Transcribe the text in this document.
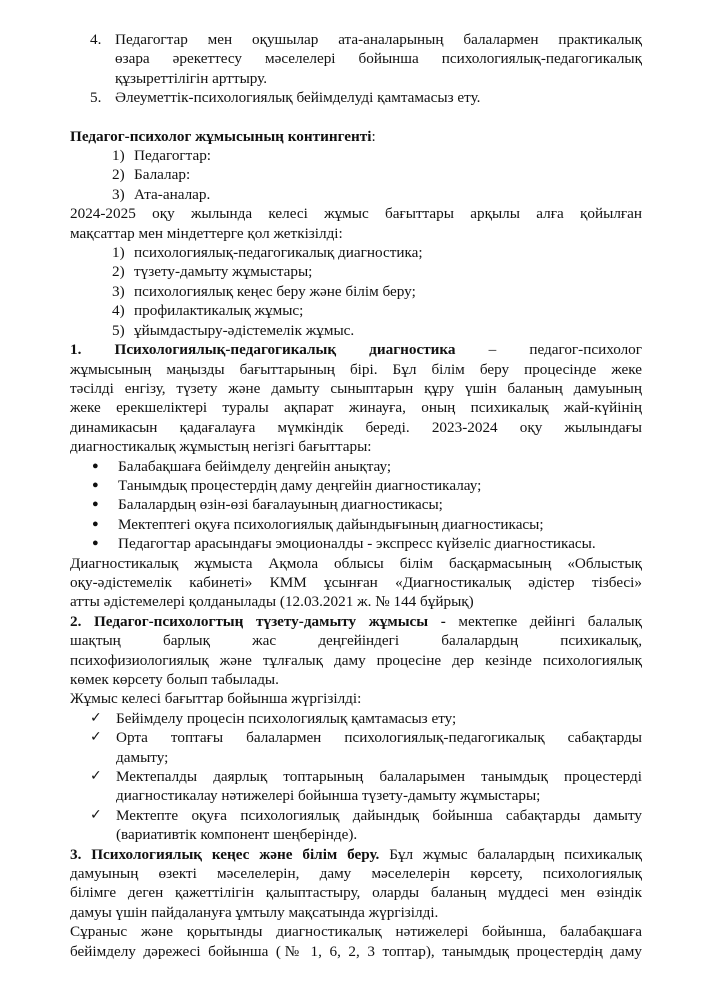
4. Педагогтар мен оқушылар ата-аналарының балалармен практикалық

өзара әрекеттесу мәселелері бойынша психологиялық-педагогикалық

құзыреттілігін арттыру.

5. Әлеуметтік-психологиялық бейімделуді қамтамасыз ету.

Педагог-психолог жұмысының контингенті:

1) Педагогтар:
2) Балалар:
3) Ата-аналар.

2024-2025 оқу жылында келесі жұмыс бағыттары арқылы алға қойылған

мақсаттар мен міндеттерге қол жеткізілді:

1) психологиялық-педагогикалық диагностика;
2) түзету-дамыту жұмыстары;
3) психологиялық кеңес беру және білім беру;
4) профилактикалық жұмыс;
5) ұйымдастыру-әдістемелік жұмыс.

1. Психологиялық-педагогикалық диагностика – педагог-психолог

жұмысының маңызды бағыттарының бірі. Бұл білім беру процесінде жеке

тәсілді енгізу, түзету және дамыту сыныптарын құру үшін баланың дамуының

жеке ерекшеліктері туралы ақпарат жинауға, оның психикалық жай-күйінің

динамикасын қадағалауға мүмкіндік береді. 2023-2024 оқу жылындағы

диагностикалық жұмыстың негізгі бағыттары:

● Балабақшаға бейімделу деңгейін анықтау;
● Танымдық процестердің даму деңгейін диагностикалау;
● Балалардың өзін-өзі бағалауының диагностикасы;
● Мектептегі оқуға психологиялық дайындығының диагностикасы;
● Педагогтар арасындағы эмоционалды - экспресс күйзеліс диагностикасы.

Диагностикалық жұмыста Ақмола облысы білім басқармасының «Облыстық

оқу-әдістемелік кабинеті» КММ ұсынған «Диагностикалық әдістер тізбесі»

атты әдістемелері қолданылады (12.03.2021 ж. № 144 бұйрық)

2. Педагог-психологтың түзету-дамыту жұмысы - мектепке дейінгі балалық

шақтың барлық жас деңгейіндегі балалардың психикалық,

психофизиологиялық және тұлғалық даму процесіне дер кезінде психологиялық

көмек көрсету болып табылады.

Жұмыс келесі бағыттар бойынша жүргізілді:

✓ Бейімделу процесін психологиялық қамтамасыз ету;

✓ Орта топтағы балалармен психологиялық-педагогикалық сабақтарды

дамыту;

✓ Мектепалды даярлық топтарының балаларымен танымдық процестерді

диагностикалау нәтижелері бойынша түзету-дамыту жұмыстары;

✓ Мектепте оқуға психологиялық дайындық бойынша сабақтарды дамыту

(вариативтік компонент шеңберінде).

3. Психологиялық кеңес және білім беру. Бұл жұмыс балалардың психикалық

дамуының өзекті мәселелерін, даму мәселелерін көрсету, психологиялық

білімге деген қажеттілігін қалыптастыру, оларды баланың мүддесі мен өзіндік

дамуы үшін пайдалануға ұмтылу мақсатында жүргізілді.

Сұраныс және қорытынды диагностикалық нәтижелері бойынша, балабақшаға

бейімделу дәрежесі бойынша (№ 1, 6, 2, 3 топтар), танымдық процестердің даму
